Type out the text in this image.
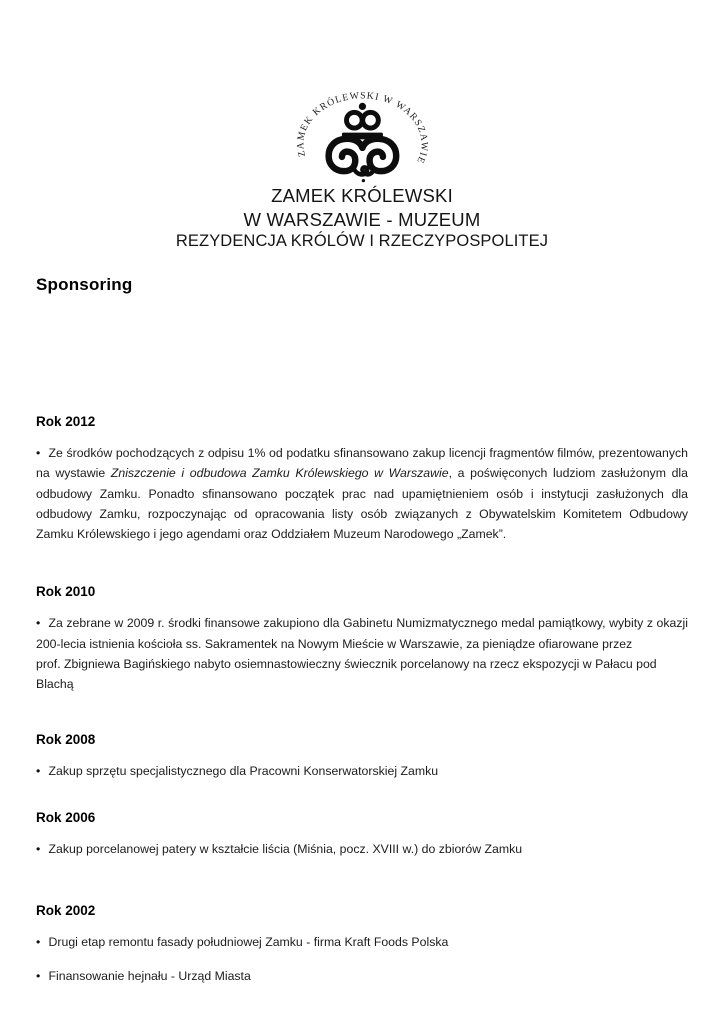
ZAMEK KRÓLEWSKI W WARSZAWIE
ZAMEK KRÓLEWSKI
W WARSZAWIE - MUZEUM
REZYDENCJA KRÓLÓW I RZECZYPOSPOLITEJ
Sponsoring
Rok 2012
• Ze środków pochodzących z odpisu 1% od podatku sfinansowano zakup licencji fragmentów filmów, prezentowanych
na wystawie Zniszczenie i odbudowa Zamku Królewskiego w Warszawie, a poświęconych ludziom zasłużonym dla
odbudowy Zamku. Ponadto sfinansowano początek prac nad upamiętnieniem osób i instytucji zasłużonych dla
odbudowy Zamku, rozpoczynając od opracowania listy osób związanych z Obywatelskim Komitetem Odbudowy
Zamku Królewskiego i jego agendami oraz Oddziałem Muzeum Narodowego „Zamek”.
Rok 2010
• Za zebrane w 2009 r. środki finansowe zakupiono dla Gabinetu Numizmatycznego medal pamiątkowy, wybity z okazji
200-lecia istnienia kościoła ss. Sakramentek na Nowym Mieście w Warszawie, za pieniądze ofiarowane przez
prof. Zbigniewa Bagińskiego nabyto osiemnastowieczny świecznik porcelanowy na rzecz ekspozycji w Pałacu pod
Blachą
Rok 2008
• Zakup sprzętu specjalistycznego dla Pracowni Konserwatorskiej Zamku
Rok 2006
• Zakup porcelanowej patery w kształcie liścia (Miśnia, pocz. XVIII w.) do zbiorów Zamku
Rok 2002
• Drugi etap remontu fasady południowej Zamku - firma Kraft Foods Polska
• Finansowanie hejnału - Urząd Miasta
